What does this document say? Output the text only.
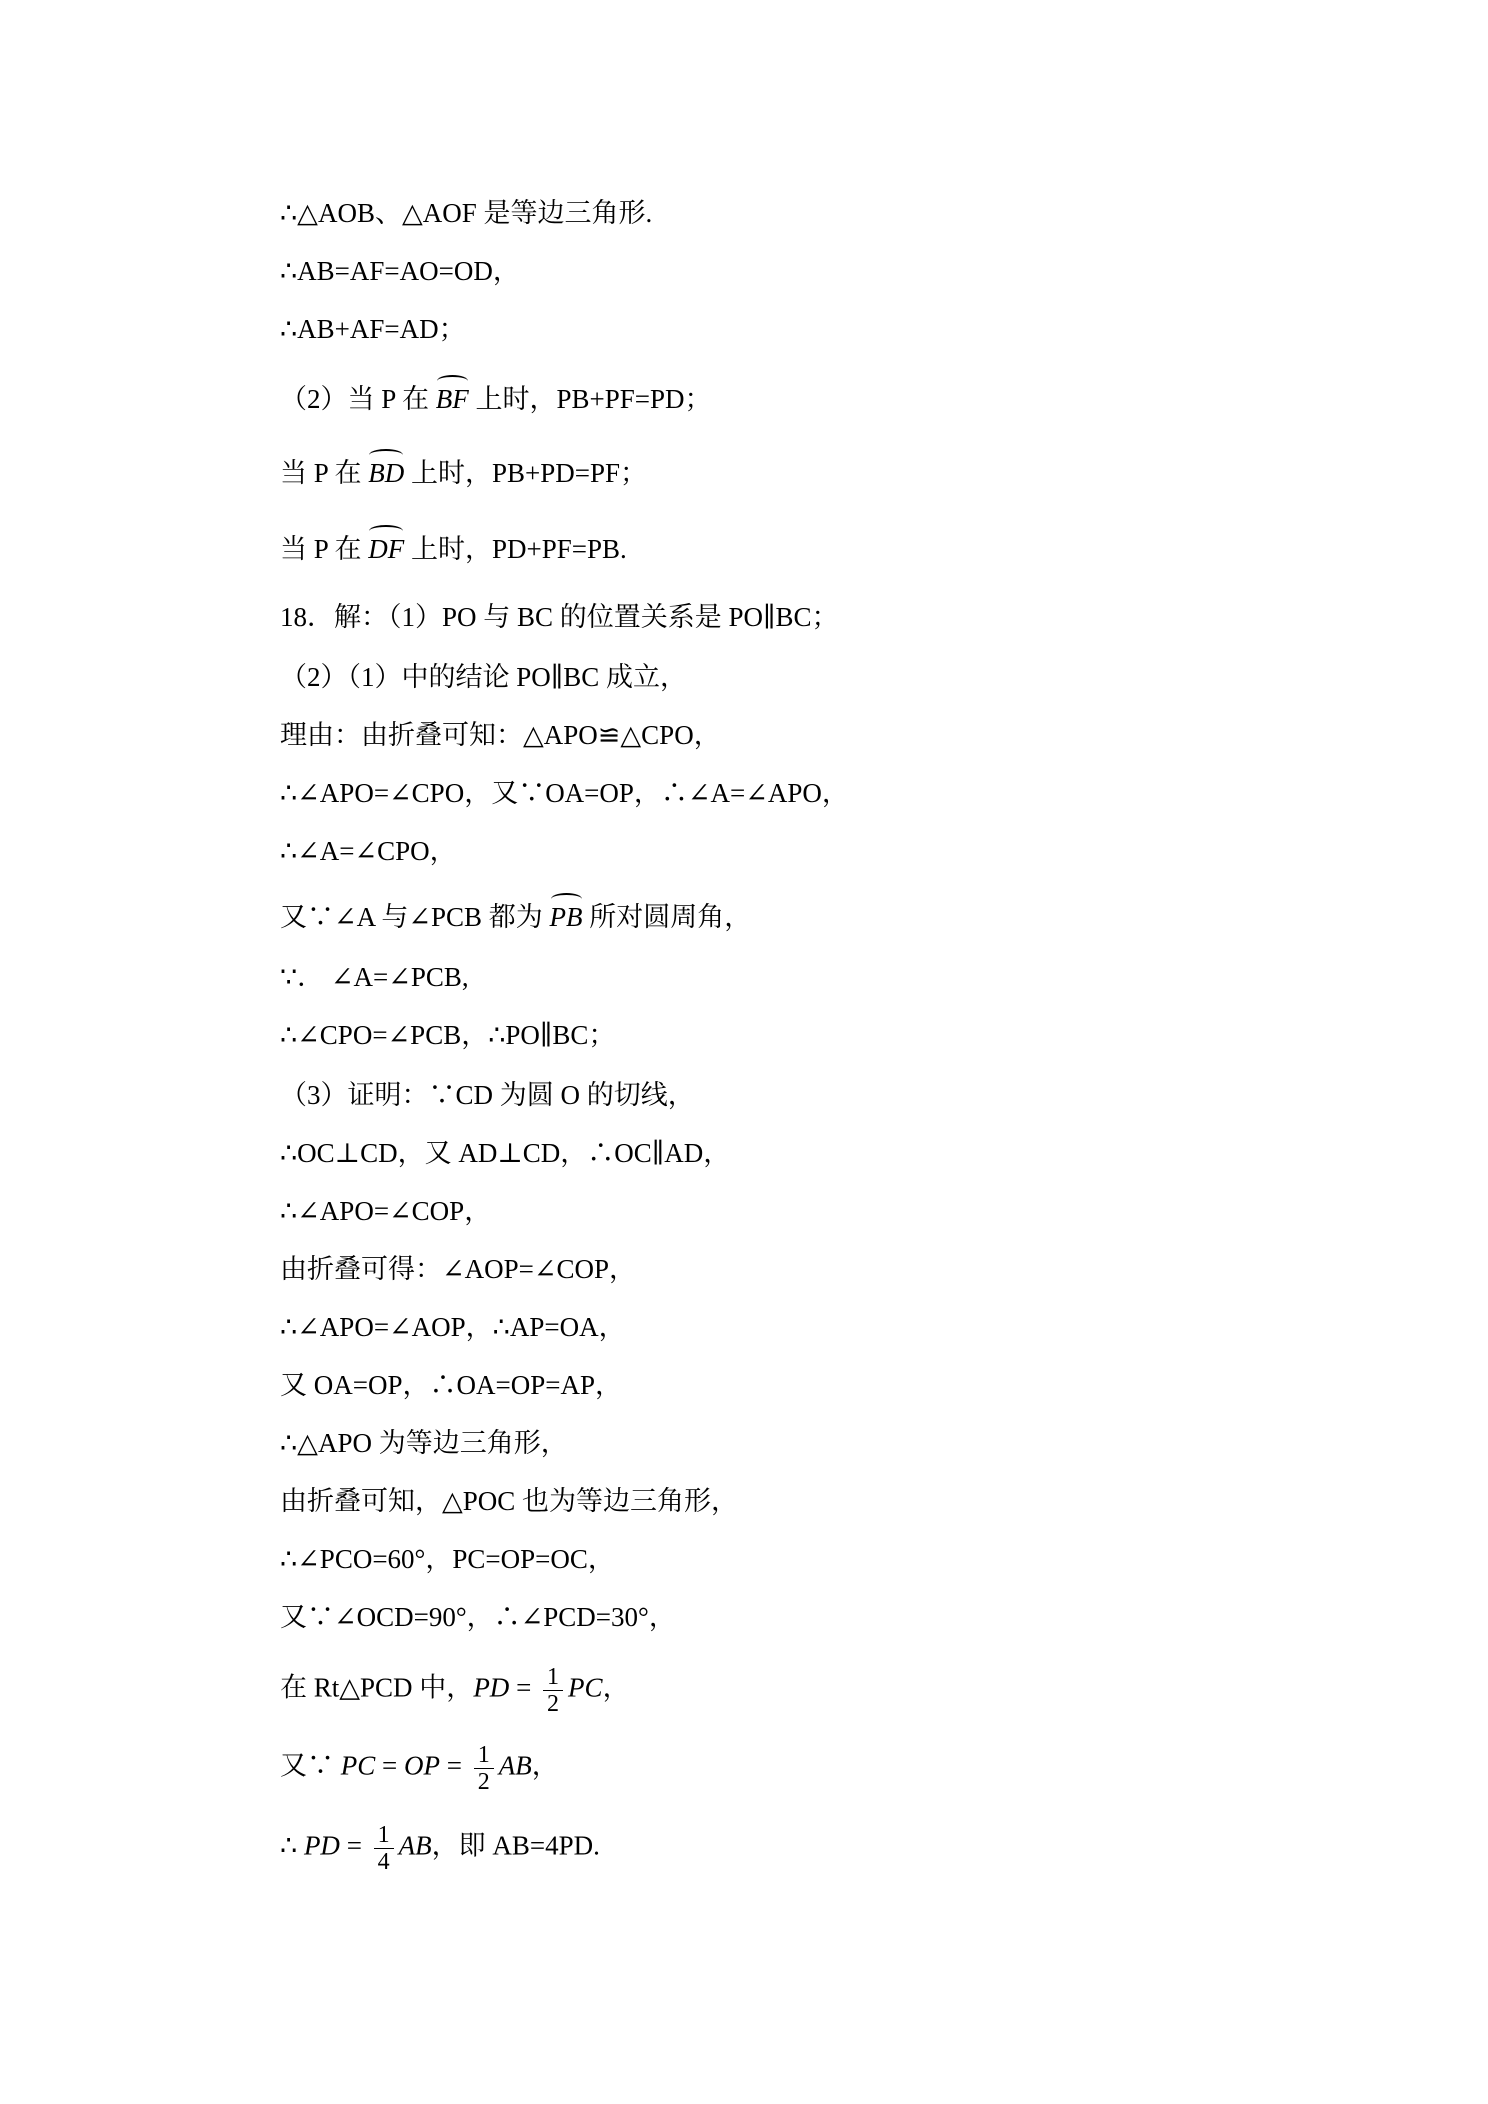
∴△AOB、△AOF 是等边三角形.
∴AB=AF=AO=OD，
∴AB+AF=AD；
（2）当 P 在 BF 上时，PB+PF=PD；
当 P 在 BD 上时，PB+PD=PF；
当 P 在 DF 上时，PD+PF=PB.
18．解：（1）PO 与 BC 的位置关系是 PO∥BC；
（2）（1）中的结论 PO∥BC 成立，
理由：由折叠可知：△APO≌△CPO，
∴∠APO=∠CPO，又∵OA=OP，∴∠A=∠APO，
∴∠A=∠CPO，
又∵∠A 与∠PCB 都为 PB 所对圆周角，
∵． ∠A=∠PCB,
∴∠CPO=∠PCB，∴PO∥BC；
（3）证明：∵CD 为圆 O 的切线，
∴OC⊥CD，又 AD⊥CD，∴OC∥AD，
∴∠APO=∠COP，
由折叠可得：∠AOP=∠COP，
∴∠APO=∠AOP，∴AP=OA，
又 OA=OP，∴OA=OP=AP，
∴△APO 为等边三角形，
由折叠可知，△POC 也为等边三角形，
∴∠PCO=60°，PC=OP=OC，
又∵∠OCD=90°，∴∠PCD=30°，
在 Rt△PCD 中，PD = $\frac{1}{2}$ PC，
又∵ PC = OP = $\frac{1}{2}$ AB，
∴ PD = $\frac{1}{4}$ AB，即 AB=4PD.
